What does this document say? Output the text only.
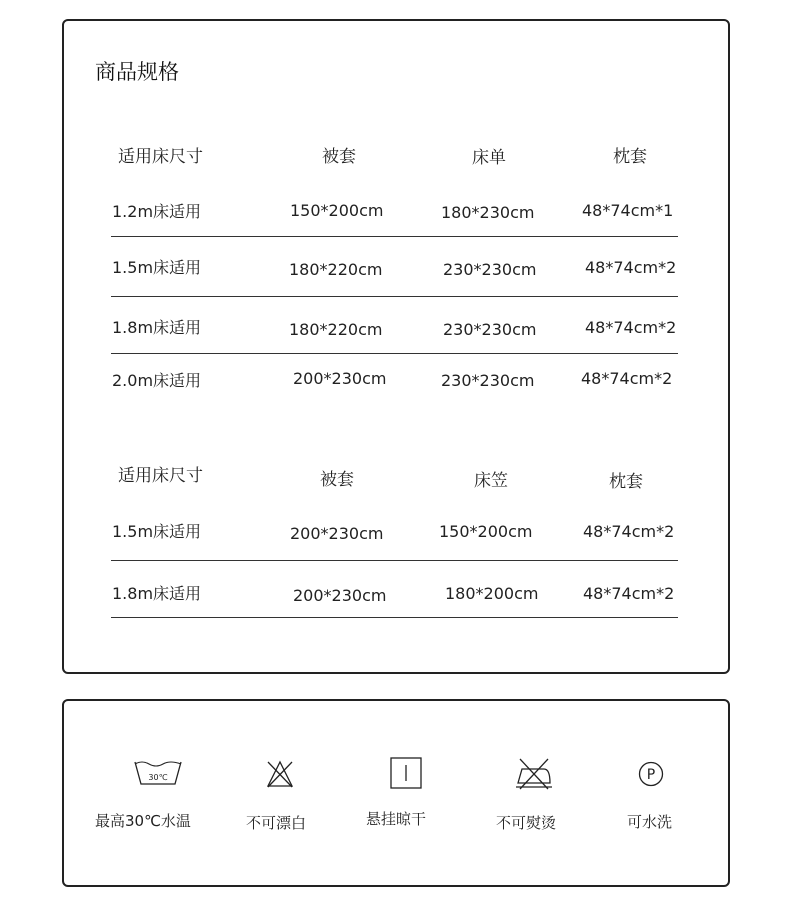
商品规格
适用床尺寸	被套	床单	枕套
1.2m床适用	150*200cm	180*230cm	48*74cm*1
1.5m床适用	180*220cm	230*230cm	48*74cm*2
1.8m床适用	180*220cm	230*230cm	48*74cm*2
2.0m床适用	200*230cm	230*230cm	48*74cm*2
适用床尺寸	被套	床笠	枕套
1.5m床适用	200*230cm	150*200cm	48*74cm*2
1.8m床适用	200*230cm	180*200cm	48*74cm*2
30℃	P
最高30℃水温	不可漂白	悬挂晾干	不可熨烫	可水洗
